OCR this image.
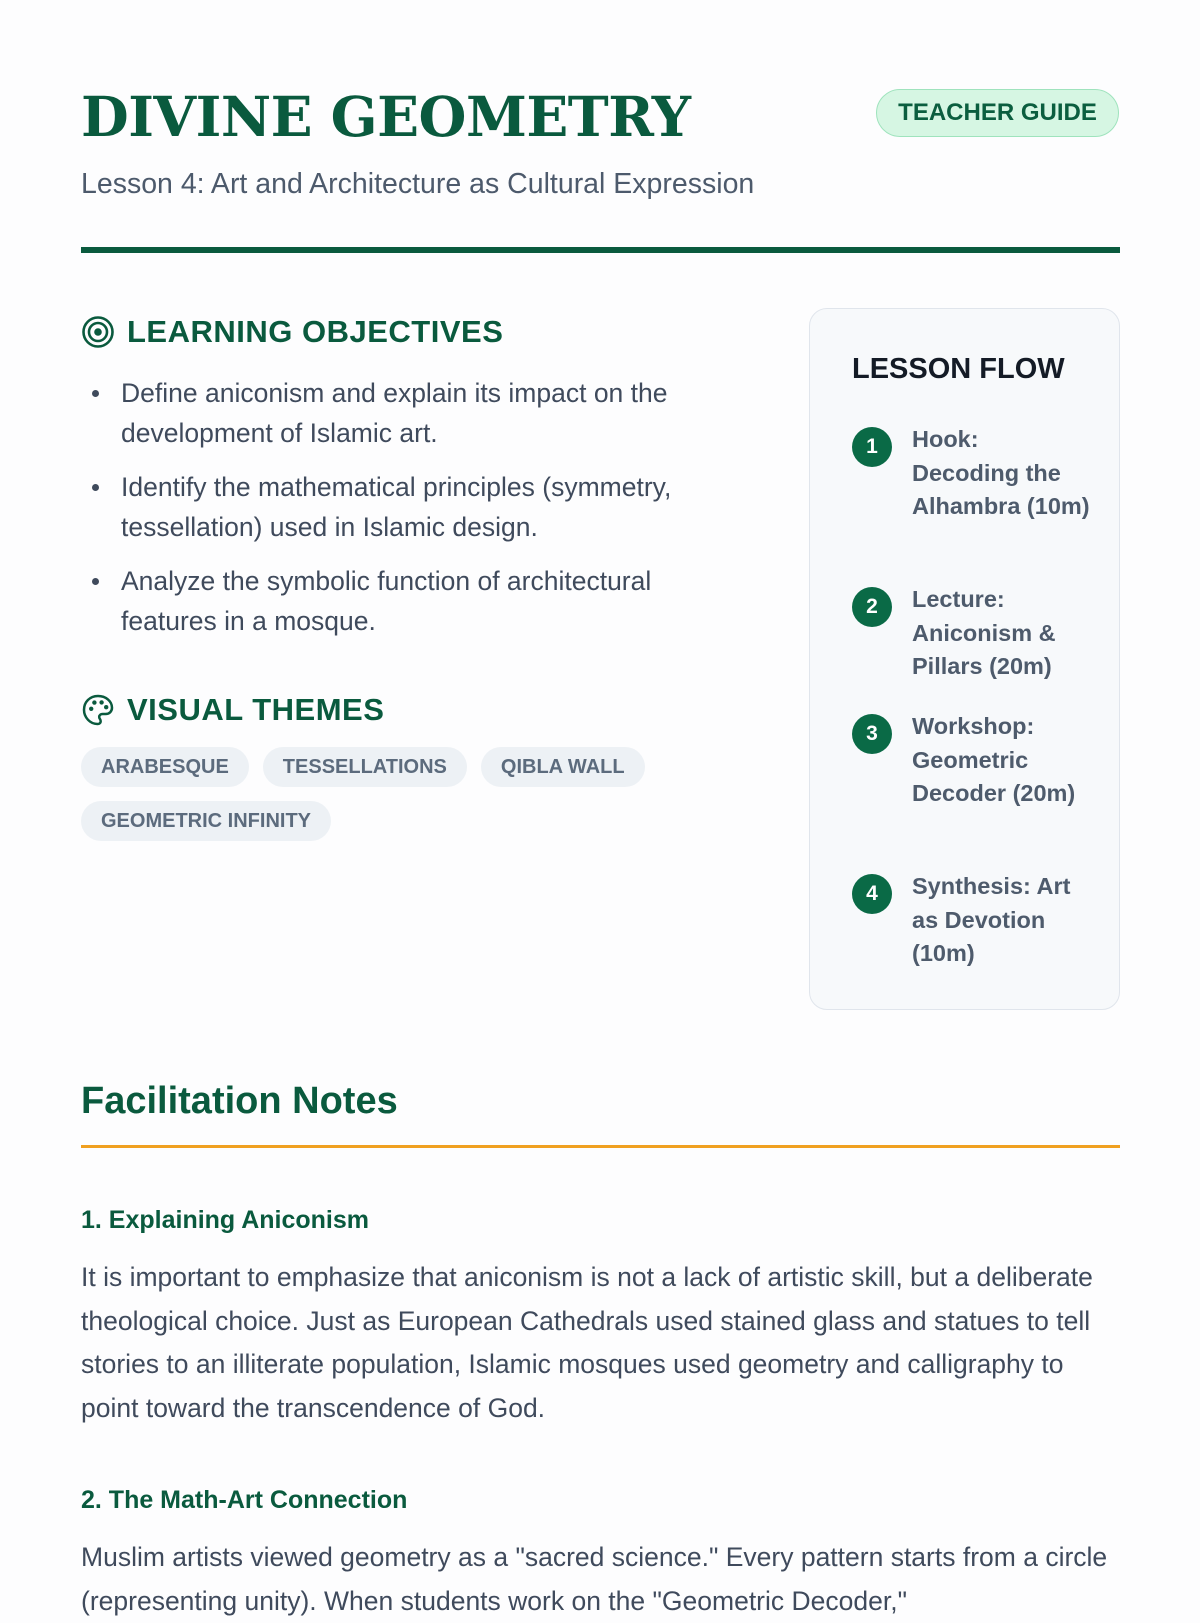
DIVINE GEOMETRY	TEACHER GUIDE

Lesson 4: Art and Architecture as Cultural Expression

LEARNING OBJECTIVES
Define aniconism and explain its impact on the development of Islamic art.
Identify the mathematical principles (symmetry, tessellation) used in Islamic design.
Analyze the symbolic function of architectural features in a mosque.
VISUAL THEMES
ARABESQUE	TESSELLATIONS	QIBLA WALL
GEOMETRIC INFINITY
LESSON FLOW
1	Hook: Decoding the Alhambra (10m)
2	Lecture: Aniconism & Pillars (20m)
3	Workshop: Geometric Decoder (20m)
4	Synthesis: Art as Devotion (10m)
Facilitation Notes
1. Explaining Aniconism

It is important to emphasize that aniconism is not a lack of artistic skill, but a deliberate theological choice. Just as European Cathedrals used stained glass and statues to tell stories to an illiterate population, Islamic mosques used geometry and calligraphy to point toward the transcendence of God.

2. The Math-Art Connection

Muslim artists viewed geometry as a "sacred science." Every pattern starts from a circle (representing unity). When students work on the "Geometric Decoder,"
